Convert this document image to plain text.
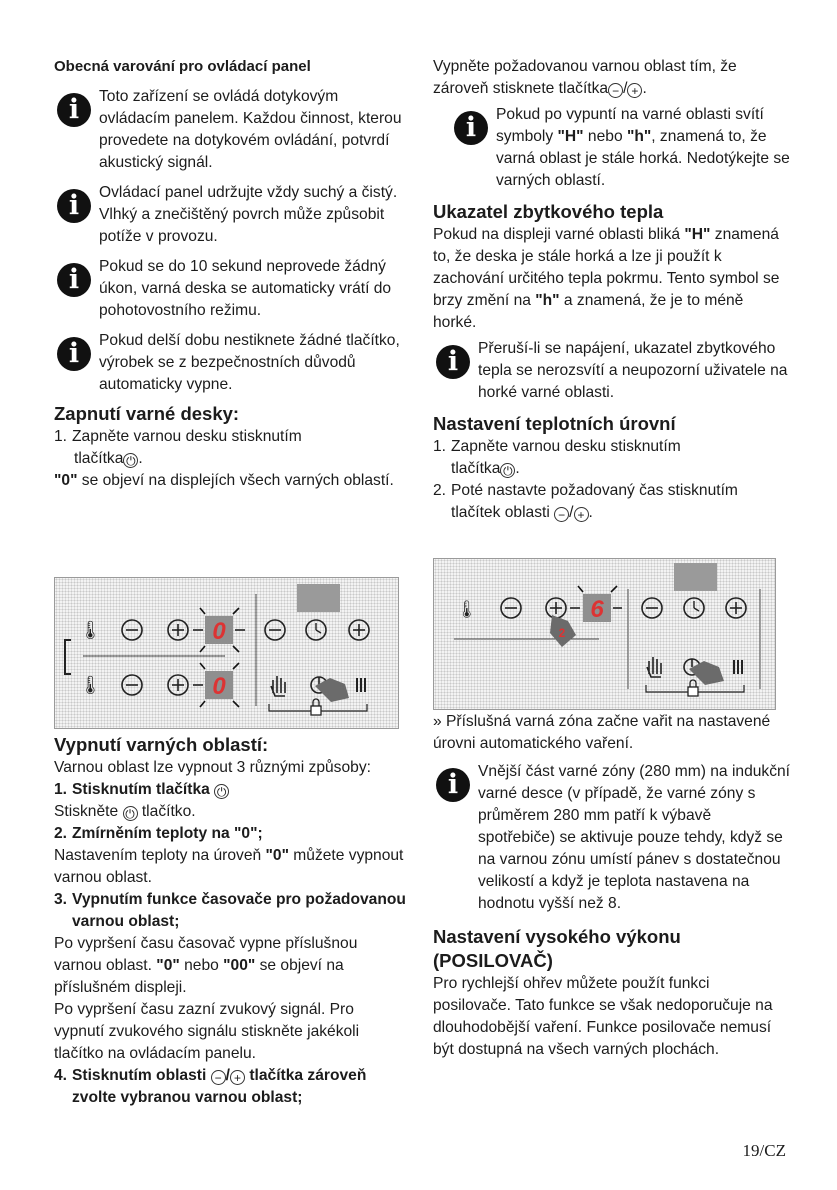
Obecná varování pro ovládací panel

i	Toto zařízení se ovládá dotykovým ovládacím panelem. Každou činnost, kterou provedete na dotykovém ovládání, potvrdí akustický signál.
i	Ovládací panel udržujte vždy suchý a čistý. Vlhký a znečištěný povrch může způsobit potíže v provozu.
i	Pokud se do 10 sekund neprovede žádný úkon, varná deska se automaticky vrátí do pohotovostního režimu.
i	Pokud delší dobu nestiknete žádné tlačítko, výrobek se z bezpečnostních důvodů automaticky vypne.

Zapnutí varné desky:

1. Zapněte varnou desku stisknutím
tlačítka ⏻ .

"0" se objeví na displejích všech varných oblastí.

🌡	0
🌡	0

Vypnutí varných oblastí:

Varnou oblast lze vypnout 3 různými způsoby:

1. Stisknutím tlačítka ⏻

Stiskněte ⏻ tlačítko.

2. Zmírněním teploty na "0";

Nastavením teploty na úroveň "0" můžete vypnout varnou oblast.

3. Vypnutím funkce časovače pro požadovanou varnou oblast;

Po vypršení času časovač vypne příslušnou varnou oblast. "0" nebo "00" se objeví na příslušném displeji.

Po vypršení času zazní zvukový signál. Pro vypnutí zvukového signálu stiskněte jakékoli tlačítko na ovládacím panelu.

4. Stisknutím oblasti − / + tlačítka zároveň zvolte vybranou varnou oblast;

Vypněte požadovanou varnou oblast tím, že zároveň stisknete tlačítka − / + .

i	Pokud po vypuntí na varné oblasti svítí symboly "H" nebo "h", znamená to, že varná oblast je stále horká. Nedotýkejte se varných oblastí.

Ukazatel zbytkového tepla

Pokud na displeji varné oblasti bliká "H" znamená to, že deska je stále horká a lze ji použít k zachování určitého tepla pokrmu. Tento symbol se brzy změní na "h" a znamená, že je to méně horké.

i	Přeruší-li se napájení, ukazatel zbytkového tepla se nerozsvítí a neupozorní uživatele na horké varné oblasti.

Nastavení teplotních úrovní

1. Zapněte varnou desku stisknutím
tlačítka ⏻ .
2. Poté nastavte požadovaný čas stisknutím
tlačítek oblasti − / + .
🌡	6
2

» Příslušná varná zóna začne vařit na nastavené úrovni automatického vaření.

i	Vnější část varné zóny (280 mm) na indukční varné desce (v případě, že varné zóny s průměrem 280 mm patří k výbavě spotřebiče) se aktivuje pouze tehdy, když se na varnou zónu umístí pánev s dostatečnou velikostí a když je teplota nastavena na hodnotu vyšší než 8.

Nastavení vysokého výkonu (POSILOVAČ)

Pro rychlejší ohřev můžete použít funkci posilovače. Tato funkce se však nedoporučuje na dlouhodobější vaření. Funkce posilovače nemusí být dostupná na všech varných plochách.

19/CZ
